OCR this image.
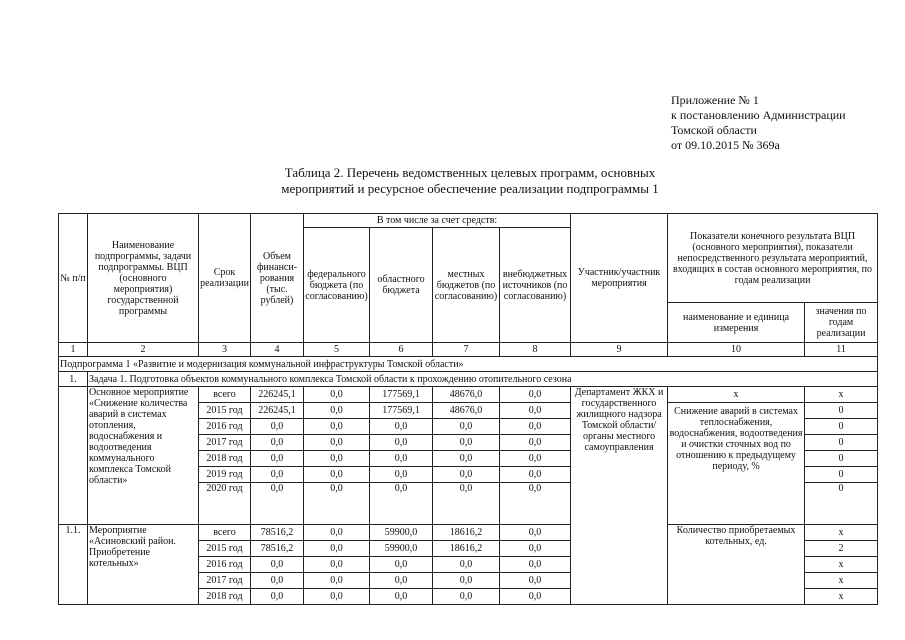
Приложение № 1
к постановлению Администрации
Томской области
от 09.10.2015 № 369а
Таблица 2. Перечень ведомственных целевых программ, основных
мероприятий и ресурсное обеспечение реализации подпрограммы 1
№ п/п	Наименование подпрограммы, задачи подпрограммы. ВЦП (основного мероприятия) государственной программы	Срок реализации	Объем финанси-рования (тыс. рублей)	В том числе за счет средств:				Участник/участник мероприятия	Показатели конечного результата ВЦП (основного мероприятия), показатели непосредственного результата мероприятий, входящих в состав основного мероприятия, по годам реализации	
				федерального бюджета (по согласованию)	областного бюджета	местных бюджетов (по согласованию)	внебюджетных источников (по согласованию)			
									наименование и единица измерения	значения по годам реализации
1	2	3	4	5	6	7	8	9	10	11
Подпрограмма 1 «Развитие и модернизация коммунальной инфраструктуры Томской области»										
1.	Задача 1. Подготовка объектов коммунального комплекса Томской области к прохождению отопительного сезона									
	Основное мероприятие «Снижение количества аварий в системах отопления, водоснабжения и водоотведения коммунального комплекса Томской области»	всего	226245,1	0,0	177569,1	48676,0	0,0	Департамент ЖКХ и государственного жилищного надзора Томской области/ органы местного самоуправления	х	х
		2015 год	226245,1	0,0	177569,1	48676,0	0,0		Снижение аварий в системах теплоснабжения, водоснабжения, водоотведения и очистки сточных вод по отношению к предыдущему периоду, %	0
		2016 год	0,0	0,0	0,0	0,0	0,0			0
		2017 год	0,0	0,0	0,0	0,0	0,0			0
		2018 год	0,0	0,0	0,0	0,0	0,0			0
		2019 год	0,0	0,0	0,0	0,0	0,0			0
		2020 год	0,0	0,0	0,0	0,0	0,0			0
1.1.	Мероприятие «Асиновский район. Приобретение котельных»	всего	78516,2	0,0	59900,0	18616,2	0,0		Количество приобретаемых котельных, ед.	х
		2015 год	78516,2	0,0	59900,0	18616,2	0,0			2
		2016 год	0,0	0,0	0,0	0,0	0,0			х
		2017 год	0,0	0,0	0,0	0,0	0,0			х
		2018 год	0,0	0,0	0,0	0,0	0,0			х
